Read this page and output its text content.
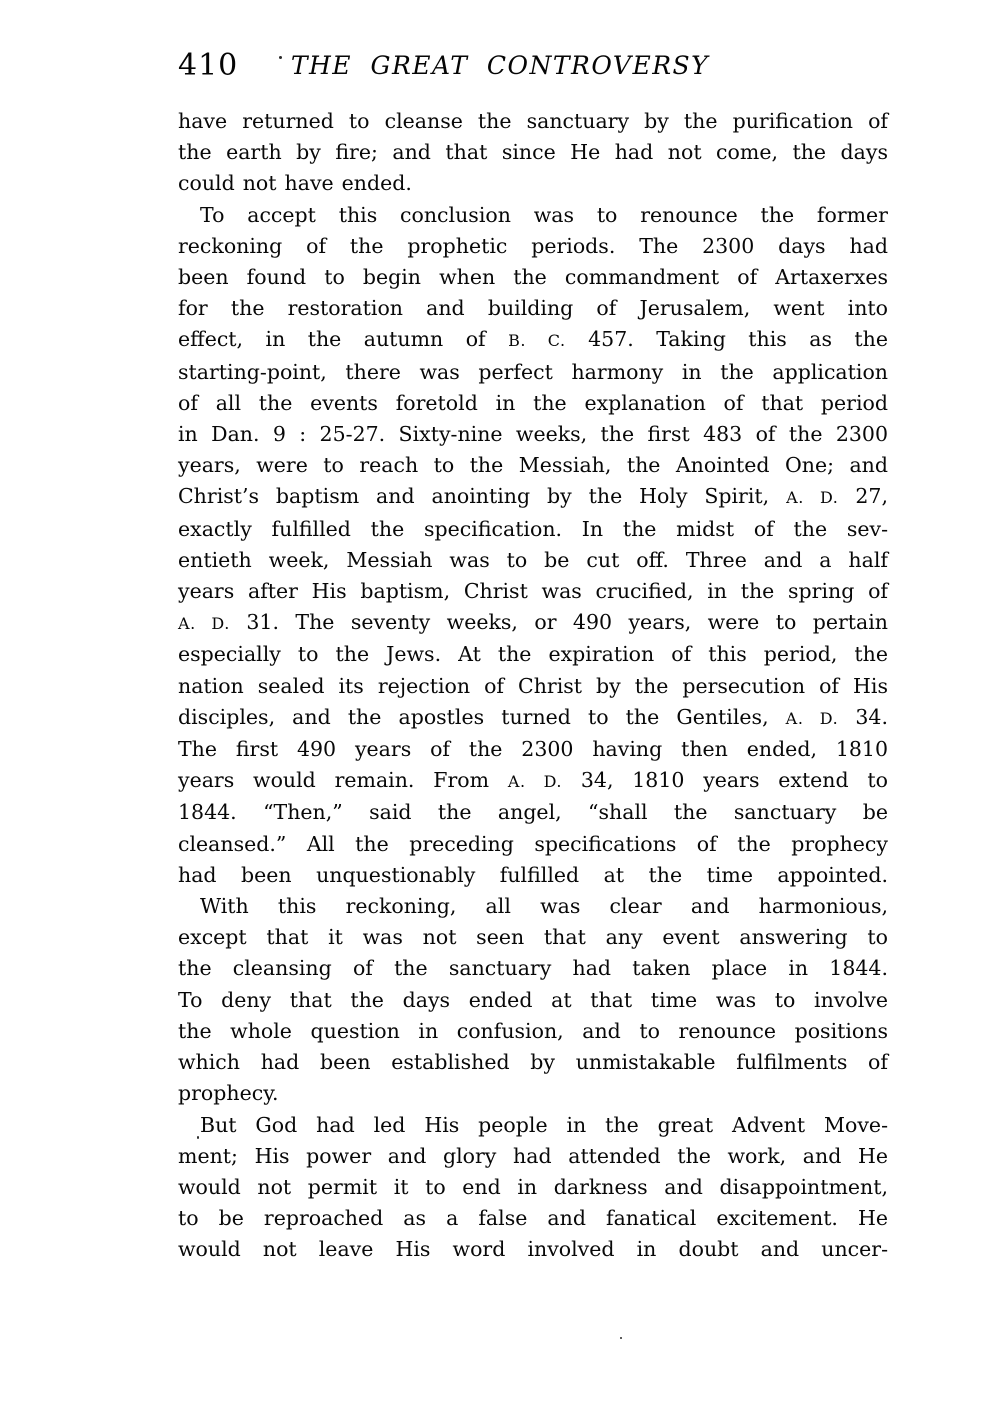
410	THE GREAT CONTROVERSY
have returned to cleanse the sanctuary by the purification of
the earth by fire; and that since He had not come, the days
could not have ended.
To accept this conclusion was to renounce the former
reckoning of the prophetic periods. The 2300 days had
been found to begin when the commandment of Artaxerxes
for the restoration and building of Jerusalem, went into
effect, in the autumn of B. C. 457. Taking this as the
starting-point, there was perfect harmony in the application
of all the events foretold in the explanation of that period
in Dan. 9 : 25-27. Sixty-nine weeks, the first 483 of the 2300
years, were to reach to the Messiah, the Anointed One; and
Christ’s baptism and anointing by the Holy Spirit, A. D. 27,
exactly fulfilled the specification. In the midst of the sev-
entieth week, Messiah was to be cut off. Three and a half
years after His baptism, Christ was crucified, in the spring of
A. D. 31. The seventy weeks, or 490 years, were to pertain
especially to the Jews. At the expiration of this period, the
nation sealed its rejection of Christ by the persecution of His
disciples, and the apostles turned to the Gentiles, A. D. 34.
The first 490 years of the 2300 having then ended, 1810
years would remain. From A. D. 34, 1810 years extend to
1844. “Then,” said the angel, “shall the sanctuary be
cleansed.” All the preceding specifications of the prophecy
had been unquestionably fulfilled at the time appointed.
With this reckoning, all was clear and harmonious,
except that it was not seen that any event answering to
the cleansing of the sanctuary had taken place in 1844.
To deny that the days ended at that time was to involve
the whole question in confusion, and to renounce positions
which had been established by unmistakable fulfilments of
prophecy.
But God had led His people in the great Advent Move-
ment; His power and glory had attended the work, and He
would not permit it to end in darkness and disappointment,
to be reproached as a false and fanatical excitement. He
would not leave His word involved in doubt and uncer-
